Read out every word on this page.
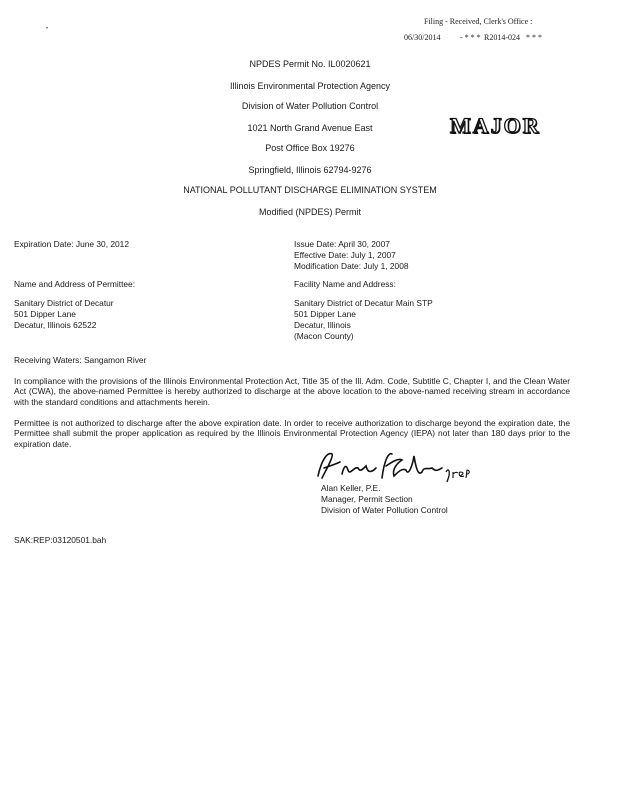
Filing - Received, Clerk's Office :
06/30/2014 - * * * R2014-024 * * *
•
NPDES Permit No. IL0020621
Illinois Environmental Protection Agency
Division of Water Pollution Control
1021 North Grand Avenue East
Post Office Box 19276
Springfield, Illinois 62794-9276
NATIONAL POLLUTANT DISCHARGE ELIMINATION SYSTEM
Modified (NPDES) Permit
MAJOR
Expiration Date: June 30, 2012	Issue Date: April 30, 2007
Effective Date: July 1, 2007
Modification Date: July 1, 2008
Name and Address of Permittee:
Sanitary District of Decatur
501 Dipper Lane
Decatur, Illinois 62522
Facility Name and Address:
Sanitary District of Decatur Main STP
501 Dipper Lane
Decatur, Illinois
(Macon County)
Receiving Waters: Sangamon River
In compliance with the provisions of the Illinois Environmental Protection Act, Title 35 of the Ill. Adm. Code, Subtitle C, Chapter I, and the Clean Water Act (CWA), the above-named Permittee is hereby authorized to discharge at the above location to the above-named receiving stream in accordance with the standard conditions and attachments herein.
Permittee is not authorized to discharge after the above expiration date. In order to receive authorization to discharge beyond the expiration date, the Permittee shall submit the proper application as required by the Illinois Environmental Protection Agency (IEPA) not later than 180 days prior to the expiration date.
Alan Keller, P.E.
Manager, Permit Section
Division of Water Pollution Control
SAK:REP:03120501.bah
